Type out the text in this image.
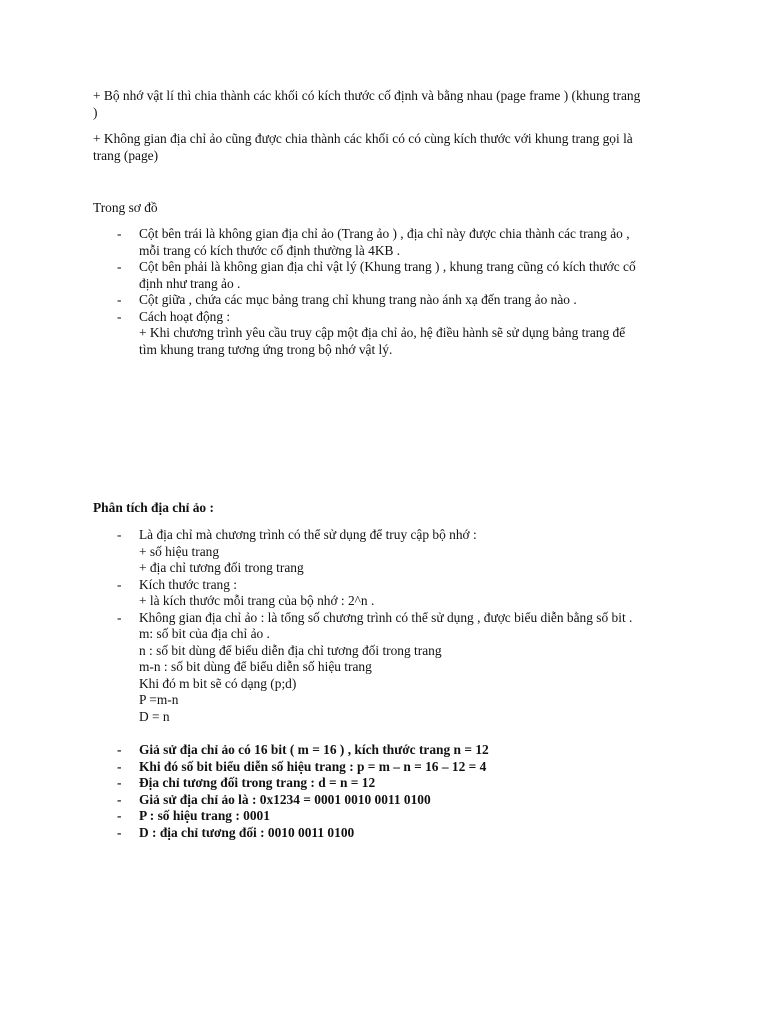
+ Bộ nhớ vật lí thì chia thành các khối có kích thước cố định và bằng nhau (page frame ) (khung trang
)

+ Không gian địa chỉ ảo cũng được chia thành các khối có có cùng kích thước với khung trang gọi là
trang (page)

Trong sơ đồ

- Cột bên trái là không gian địa chỉ ảo (Trang ảo ) , địa chỉ này được chia thành các trang ảo ,
mỗi trang có kích thước cố định thường là 4KB .
- Cột bên phải là không gian địa chỉ vật lý (Khung trang ) , khung trang cũng có kích thước cố
định như trang ảo .
- Cột giữa , chứa các mục bảng trang chỉ khung trang nào ánh xạ đến trang ảo nào .
- Cách hoạt động :
+ Khi chương trình yêu cầu truy cập một địa chỉ ảo, hệ điều hành sẽ sử dụng bảng trang để
tìm khung trang tương ứng trong bộ nhớ vật lý.

Phân tích địa chỉ ảo :

- Là địa chỉ mà chương trình có thể sử dụng để truy cập bộ nhớ :
+ số hiệu trang
+ địa chỉ tương đối trong trang
- Kích thước trang :
+ là kích thước mỗi trang của bộ nhớ : 2^n .
- Không gian địa chỉ ảo : là tổng số chương trình có thể sử dụng , được biểu diễn bằng số bit .
m: số bit của địa chỉ ảo .
n : số bit dùng để biểu diễn địa chỉ tương đối trong trang
m-n : số bit dùng để biểu diễn số hiệu trang
Khi đó m bit sẽ có dạng (p;d)
P =m-n
D = n
- Giả sử địa chỉ ảo có 16 bit ( m = 16 ) , kích thước trang n = 12
- Khi đó số bit biểu diễn số hiệu trang : p = m – n = 16 – 12 = 4
- Địa chỉ tương đối trong trang : d = n = 12
- Giả sử địa chỉ ảo là : 0x1234 = 0001 0010 0011 0100
- P : số hiệu trang : 0001
- D : địa chỉ tương đối : 0010 0011 0100
